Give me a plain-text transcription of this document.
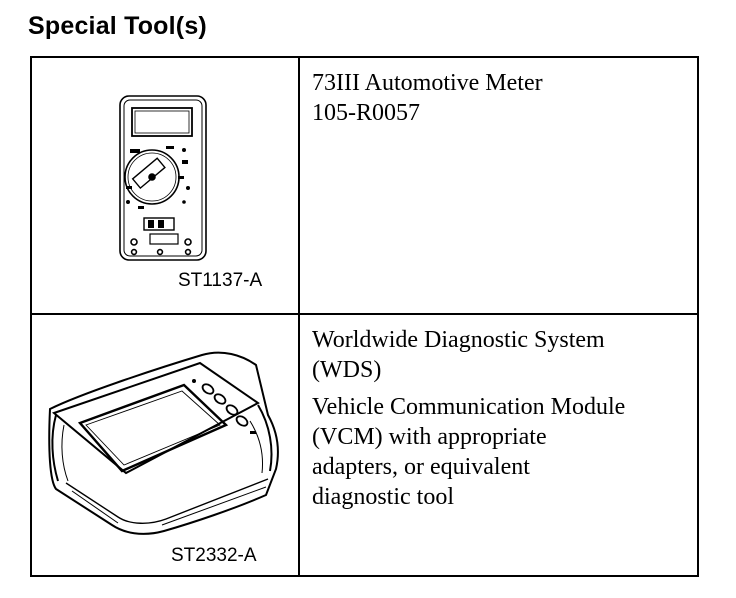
Special Tool(s)
ST1137-A

73III Automotive Meter
105-R0057

ST2332-A

Worldwide Diagnostic System
(WDS)

Vehicle Communication Module
(VCM) with appropriate
adapters, or equivalent
diagnostic tool
